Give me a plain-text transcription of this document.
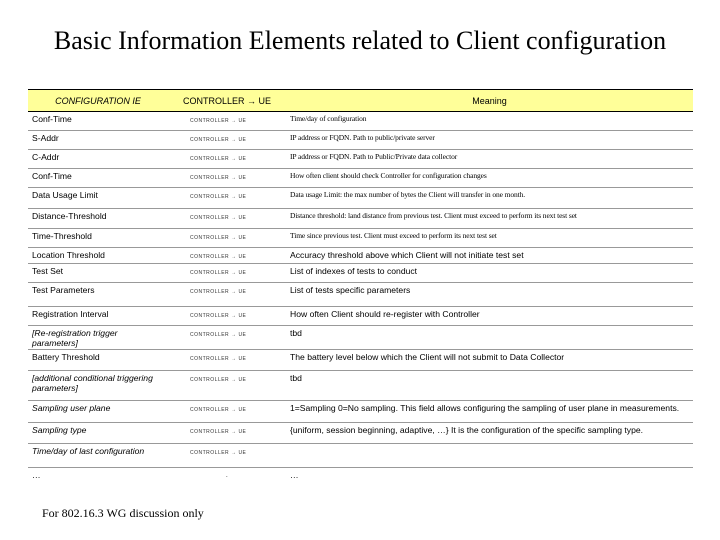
Basic Information Elements related to Client configuration
CONFIGURATION IE	CONTROLLER → UE	Meaning
Conf-Time	CONTROLLER → UE	Time/day of configuration
S-Addr	CONTROLLER → UE	IP address or FQDN. Path to public/private server
C-Addr	CONTROLLER → UE	IP address or FQDN. Path to Public/Private data collector
Conf-Time	CONTROLLER → UE	How often client should check Controller for configuration changes
Data Usage Limit	CONTROLLER → UE	Data usage Limit: the max number of bytes the Client will transfer in one month.
Distance-Threshold	CONTROLLER → UE	Distance threshold: land distance from previous test. Client must exceed to perform its next test set
Time-Threshold	CONTROLLER → UE	Time since previous test. Client must exceed to perform its next test set
Location Threshold	CONTROLLER → UE	Accuracy threshold above which Client will not initiate test set
Test Set	CONTROLLER → UE	List of indexes of tests to conduct
Test Parameters	CONTROLLER → UE	List of tests specific parameters
Registration Interval	CONTROLLER → UE	How often Client should re-register with Controller
[Re-registration trigger parameters]	CONTROLLER → UE	tbd
Battery Threshold	CONTROLLER → UE	The battery level below which the Client will not submit to Data Collector
[additional conditional triggering parameters]	CONTROLLER → UE	tbd
Sampling user plane	CONTROLLER → UE	1=Sampling 0=No sampling. This field allows configuring the sampling of user plane in measurements.
Sampling type	CONTROLLER → UE	{uniform, session beginning, adaptive, …} It is the configuration of the specific sampling type.
Time/day of last configuration	CONTROLLER → UE	
…	-	…
For 802.16.3 WG discussion only
